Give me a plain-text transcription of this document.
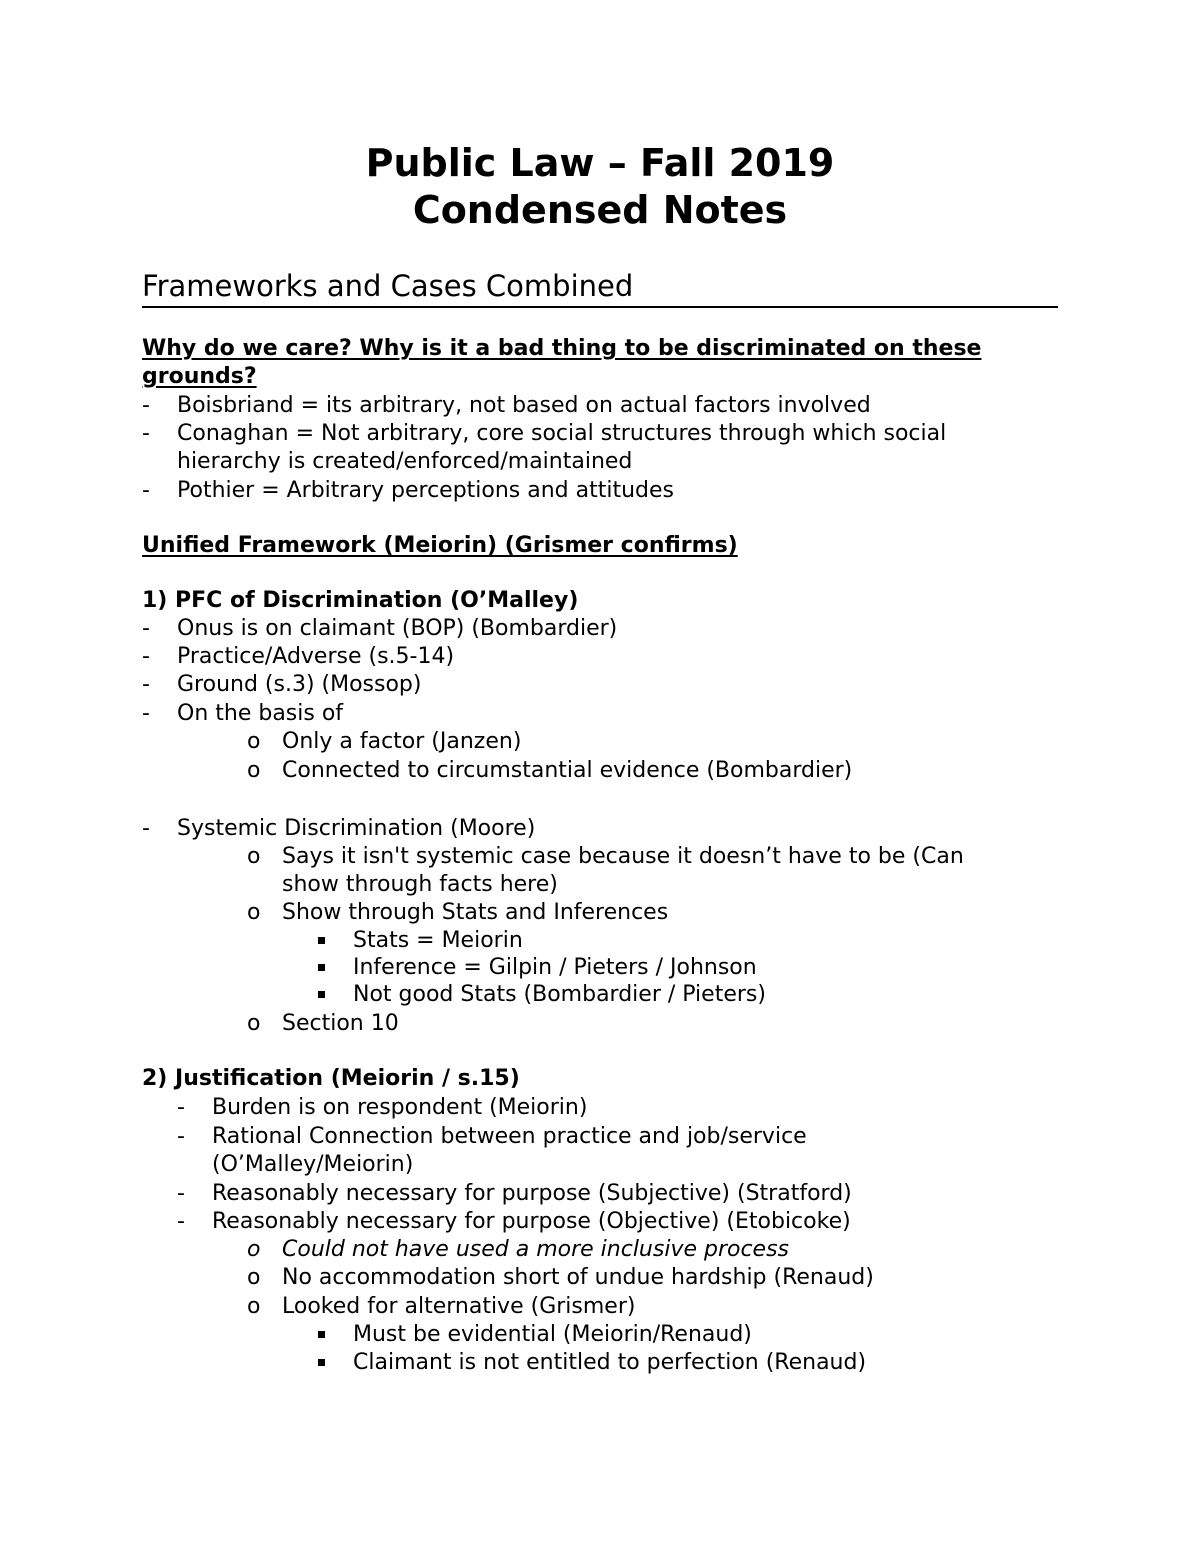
Public Law – Fall 2019
Condensed Notes
Frameworks and Cases Combined
Why do we care? Why is it a bad thing to be discriminated on these
grounds?
- Boisbriand = its arbitrary, not based on actual factors involved
- Conaghan = Not arbitrary, core social structures through which social
hierarchy is created/enforced/maintained
- Pothier = Arbitrary perceptions and attitudes
Unified Framework (Meiorin) (Grismer confirms)
1) PFC of Discrimination (O’Malley)
- Onus is on claimant (BOP) (Bombardier)
- Practice/Adverse (s.5-14)
- Ground (s.3) (Mossop)
- On the basis of
o Only a factor (Janzen)
o Connected to circumstantial evidence (Bombardier)
- Systemic Discrimination (Moore)
o Says it isn't systemic case because it doesn’t have to be (Can
show through facts here)
o Show through Stats and Inferences
Stats = Meiorin
Inference = Gilpin / Pieters / Johnson
Not good Stats (Bombardier / Pieters)
o Section 10
2) Justification (Meiorin / s.15)
- Burden is on respondent (Meiorin)
- Rational Connection between practice and job/service
(O’Malley/Meiorin)
- Reasonably necessary for purpose (Subjective) (Stratford)
- Reasonably necessary for purpose (Objective) (Etobicoke)
o Could not have used a more inclusive process
o No accommodation short of undue hardship (Renaud)
o Looked for alternative (Grismer)
Must be evidential (Meiorin/Renaud)
Claimant is not entitled to perfection (Renaud)
